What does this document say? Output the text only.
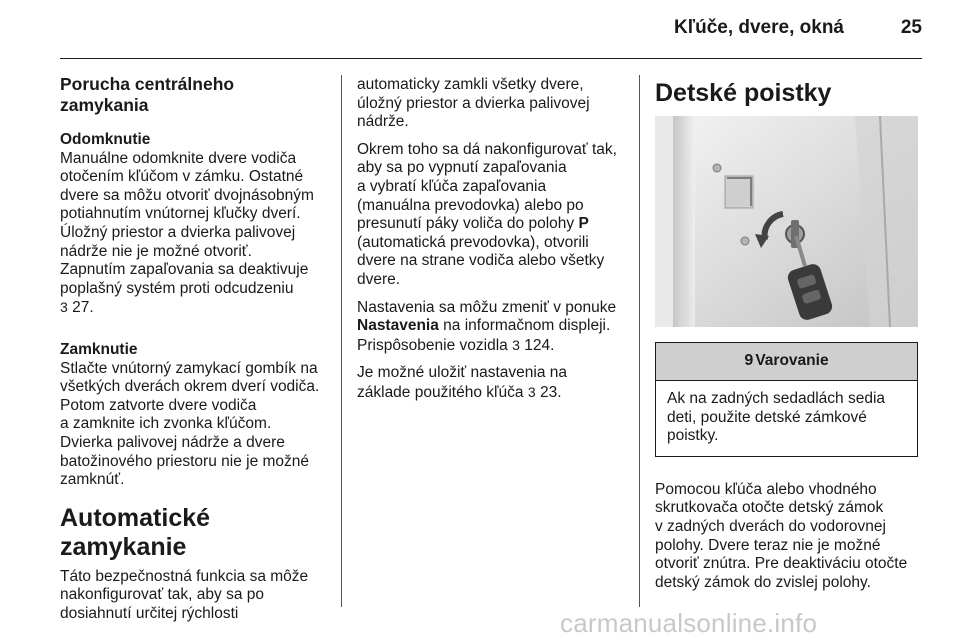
Kľúče, dvere, okná	25
Porucha centrálneho
zamykania
Odomknutie
Manuálne odomknite dvere vodiča
otočením kľúčom v zámku. Ostatné
dvere sa môžu otvoriť dvojnásobným
potiahnutím vnútornej kľučky dverí.
Úložný priestor a dvierka palivovej
nádrže nie je možné otvoriť.
Zapnutím zapaľovania sa deaktivuje
poplašný systém proti odcudzeniu
3 27.
Zamknutie
Stlačte vnútorný zamykací gombík na
všetkých dverách okrem dverí vodiča.
Potom zatvorte dvere vodiča
a zamknite ich zvonka kľúčom.
Dvierka palivovej nádrže a dvere
batožinového priestoru nie je možné
zamknúť.
Automatické zamykanie
Táto bezpečnostná funkcia sa môže
nakonfigurovať tak, aby sa po
dosiahnutí určitej rýchlosti
automaticky zamkli všetky dvere,
úložný priestor a dvierka palivovej
nádrže.
Okrem toho sa dá nakonfigurovať tak,
aby sa po vypnutí zapaľovania
a vybratí kľúča zapaľovania
(manuálna prevodovka) alebo po
presunutí páky voliča do polohy P
(automatická prevodovka), otvorili
dvere na strane vodiča alebo všetky
dvere.
Nastavenia sa môžu zmeniť v ponuke
Nastavenia na informačnom displeji.
Prispôsobenie vozidla 3 124.
Je možné uložiť nastavenia na
základe použitého kľúča 3 23.
Detské poistky
9 Varovanie
Ak na zadných sedadlách sedia
deti, použite detské zámkové
poistky.
Pomocou kľúča alebo vhodného
skrutkovača otočte detský zámok
v zadných dverách do vodorovnej
polohy. Dvere teraz nie je možné
otvoriť znútra. Pre deaktiváciu otočte
detský zámok do zvislej polohy.
carmanualsonline.info
